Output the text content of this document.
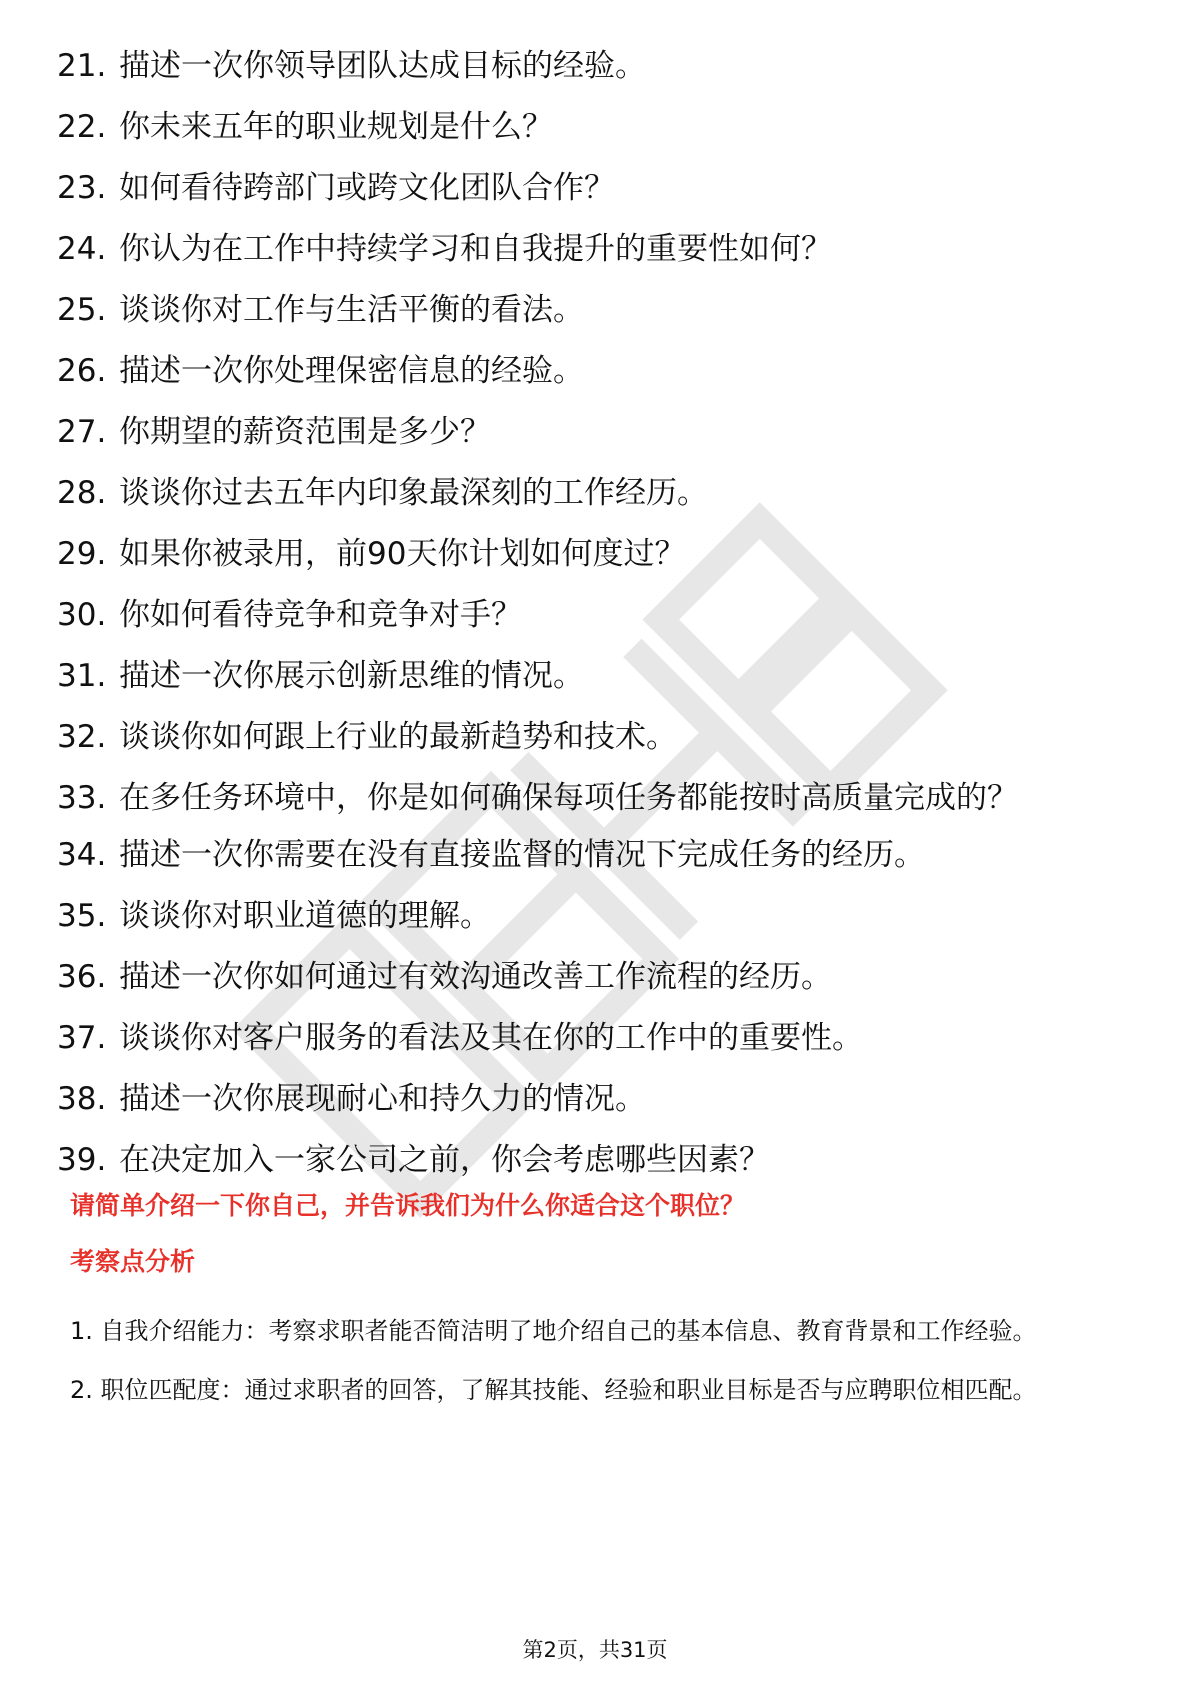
21. 描述一次你领导团队达成目标的经验。
22. 你未来五年的职业规划是什么？
23. 如何看待跨部门或跨文化团队合作？
24. 你认为在工作中持续学习和自我提升的重要性如何？
25. 谈谈你对工作与生活平衡的看法。
26. 描述一次你处理保密信息的经验。
27. 你期望的薪资范围是多少？
28. 谈谈你过去五年内印象最深刻的工作经历。
29. 如果你被录用，前90天你计划如何度过？
30. 你如何看待竞争和竞争对手？
31. 描述一次你展示创新思维的情况。
32. 谈谈你如何跟上行业的最新趋势和技术。
33. 在多任务环境中，你是如何确保每项任务都能按时高质量完成的？
34. 描述一次你需要在没有直接监督的情况下完成任务的经历。
35. 谈谈你对职业道德的理解。
36. 描述一次你如何通过有效沟通改善工作流程的经历。
37. 谈谈你对客户服务的看法及其在你的工作中的重要性。
38. 描述一次你展现耐心和持久力的情况。
39. 在决定加入一家公司之前，你会考虑哪些因素？

请简单介绍一下你自己，并告诉我们为什么你适合这个职位？

考察点分析

1. 自我介绍能力：考察求职者能否简洁明了地介绍自己的基本信息、教育背景和工作经验。
2. 职位匹配度：通过求职者的回答，了解其技能、经验和职业目标是否与应聘职位相匹配。
第2页，共31页
